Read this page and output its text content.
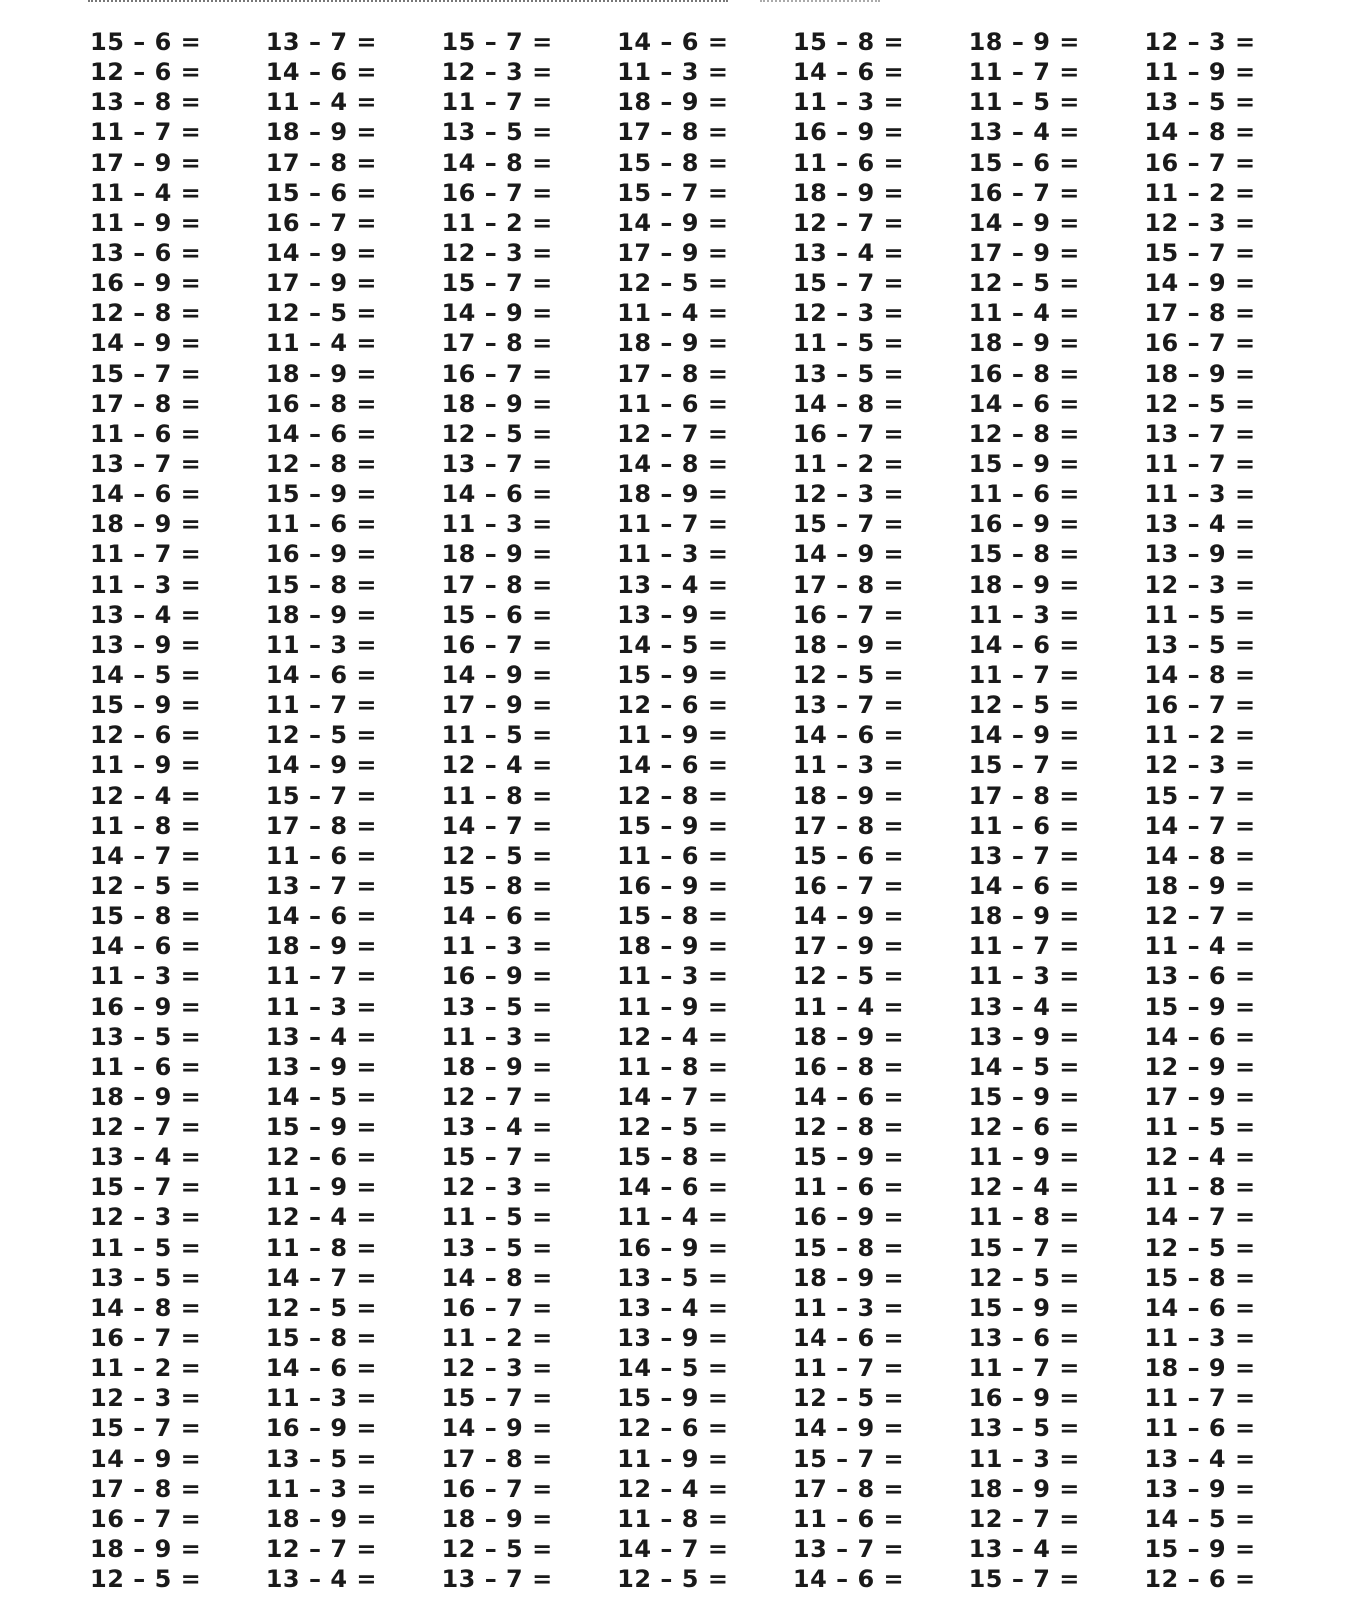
15 – 6 =
12 – 6 =
13 – 8 =
11 – 7 =
17 – 9 =
11 – 4 =
11 – 9 =
13 – 6 =
16 – 9 =
12 – 8 =
14 – 9 =
15 – 7 =
17 – 8 =
11 – 6 =
13 – 7 =
14 – 6 =
18 – 9 =
11 – 7 =
11 – 3 =
13 – 4 =
13 – 9 =
14 – 5 =
15 – 9 =
12 – 6 =
11 – 9 =
12 – 4 =
11 – 8 =
14 – 7 =
12 – 5 =
15 – 8 =
14 – 6 =
11 – 3 =
16 – 9 =
13 – 5 =
11 – 6 =
18 – 9 =
12 – 7 =
13 – 4 =
15 – 7 =
12 – 3 =
11 – 5 =
13 – 5 =
14 – 8 =
16 – 7 =
11 – 2 =
12 – 3 =
15 – 7 =
14 – 9 =
17 – 8 =
16 – 7 =
18 – 9 =
12 – 5 =
13 – 7 =
14 – 6 =
11 – 4 =
18 – 9 =
17 – 8 =
15 – 6 =
16 – 7 =
14 – 9 =
17 – 9 =
12 – 5 =
11 – 4 =
18 – 9 =
16 – 8 =
14 – 6 =
12 – 8 =
15 – 9 =
11 – 6 =
16 – 9 =
15 – 8 =
18 – 9 =
11 – 3 =
14 – 6 =
11 – 7 =
12 – 5 =
14 – 9 =
15 – 7 =
17 – 8 =
11 – 6 =
13 – 7 =
14 – 6 =
18 – 9 =
11 – 7 =
11 – 3 =
13 – 4 =
13 – 9 =
14 – 5 =
15 – 9 =
12 – 6 =
11 – 9 =
12 – 4 =
11 – 8 =
14 – 7 =
12 – 5 =
15 – 8 =
14 – 6 =
11 – 3 =
16 – 9 =
13 – 5 =
11 – 3 =
18 – 9 =
12 – 7 =
13 – 4 =
15 – 7 =
12 – 3 =
11 – 7 =
13 – 5 =
14 – 8 =
16 – 7 =
11 – 2 =
12 – 3 =
15 – 7 =
14 – 9 =
17 – 8 =
16 – 7 =
18 – 9 =
12 – 5 =
13 – 7 =
14 – 6 =
11 – 3 =
18 – 9 =
17 – 8 =
15 – 6 =
16 – 7 =
14 – 9 =
17 – 9 =
11 – 5 =
12 – 4 =
11 – 8 =
14 – 7 =
12 – 5 =
15 – 8 =
14 – 6 =
11 – 3 =
16 – 9 =
13 – 5 =
11 – 3 =
18 – 9 =
12 – 7 =
13 – 4 =
15 – 7 =
12 – 3 =
11 – 5 =
13 – 5 =
14 – 8 =
16 – 7 =
11 – 2 =
12 – 3 =
15 – 7 =
14 – 9 =
17 – 8 =
16 – 7 =
18 – 9 =
12 – 5 =
13 – 7 =
14 – 6 =
11 – 3 =
18 – 9 =
17 – 8 =
15 – 8 =
15 – 7 =
14 – 9 =
17 – 9 =
12 – 5 =
11 – 4 =
18 – 9 =
17 – 8 =
11 – 6 =
12 – 7 =
14 – 8 =
18 – 9 =
11 – 7 =
11 – 3 =
13 – 4 =
13 – 9 =
14 – 5 =
15 – 9 =
12 – 6 =
11 – 9 =
14 – 6 =
12 – 8 =
15 – 9 =
11 – 6 =
16 – 9 =
15 – 8 =
18 – 9 =
11 – 3 =
11 – 9 =
12 – 4 =
11 – 8 =
14 – 7 =
12 – 5 =
15 – 8 =
14 – 6 =
11 – 4 =
16 – 9 =
13 – 5 =
13 – 4 =
13 – 9 =
14 – 5 =
15 – 9 =
12 – 6 =
11 – 9 =
12 – 4 =
11 – 8 =
14 – 7 =
12 – 5 =
15 – 8 =
14 – 6 =
11 – 3 =
16 – 9 =
11 – 6 =
18 – 9 =
12 – 7 =
13 – 4 =
15 – 7 =
12 – 3 =
11 – 5 =
13 – 5 =
14 – 8 =
16 – 7 =
11 – 2 =
12 – 3 =
15 – 7 =
14 – 9 =
17 – 8 =
16 – 7 =
18 – 9 =
12 – 5 =
13 – 7 =
14 – 6 =
11 – 3 =
18 – 9 =
17 – 8 =
15 – 6 =
16 – 7 =
14 – 9 =
17 – 9 =
12 – 5 =
11 – 4 =
18 – 9 =
16 – 8 =
14 – 6 =
12 – 8 =
15 – 9 =
11 – 6 =
16 – 9 =
15 – 8 =
18 – 9 =
11 – 3 =
14 – 6 =
11 – 7 =
12 – 5 =
14 – 9 =
15 – 7 =
17 – 8 =
11 – 6 =
13 – 7 =
14 – 6 =
18 – 9 =
11 – 7 =
11 – 5 =
13 – 4 =
15 – 6 =
16 – 7 =
14 – 9 =
17 – 9 =
12 – 5 =
11 – 4 =
18 – 9 =
16 – 8 =
14 – 6 =
12 – 8 =
15 – 9 =
11 – 6 =
16 – 9 =
15 – 8 =
18 – 9 =
11 – 3 =
14 – 6 =
11 – 7 =
12 – 5 =
14 – 9 =
15 – 7 =
17 – 8 =
11 – 6 =
13 – 7 =
14 – 6 =
18 – 9 =
11 – 7 =
11 – 3 =
13 – 4 =
13 – 9 =
14 – 5 =
15 – 9 =
12 – 6 =
11 – 9 =
12 – 4 =
11 – 8 =
15 – 7 =
12 – 5 =
15 – 9 =
13 – 6 =
11 – 7 =
16 – 9 =
13 – 5 =
11 – 3 =
18 – 9 =
12 – 7 =
13 – 4 =
15 – 7 =
12 – 3 =
11 – 9 =
13 – 5 =
14 – 8 =
16 – 7 =
11 – 2 =
12 – 3 =
15 – 7 =
14 – 9 =
17 – 8 =
16 – 7 =
18 – 9 =
12 – 5 =
13 – 7 =
11 – 7 =
11 – 3 =
13 – 4 =
13 – 9 =
12 – 3 =
11 – 5 =
13 – 5 =
14 – 8 =
16 – 7 =
11 – 2 =
12 – 3 =
15 – 7 =
14 – 7 =
14 – 8 =
18 – 9 =
12 – 7 =
11 – 4 =
13 – 6 =
15 – 9 =
14 – 6 =
12 – 9 =
17 – 9 =
11 – 5 =
12 – 4 =
11 – 8 =
14 – 7 =
12 – 5 =
15 – 8 =
14 – 6 =
11 – 3 =
18 – 9 =
11 – 7 =
11 – 6 =
13 – 4 =
13 – 9 =
14 – 5 =
15 – 9 =
12 – 6 =
